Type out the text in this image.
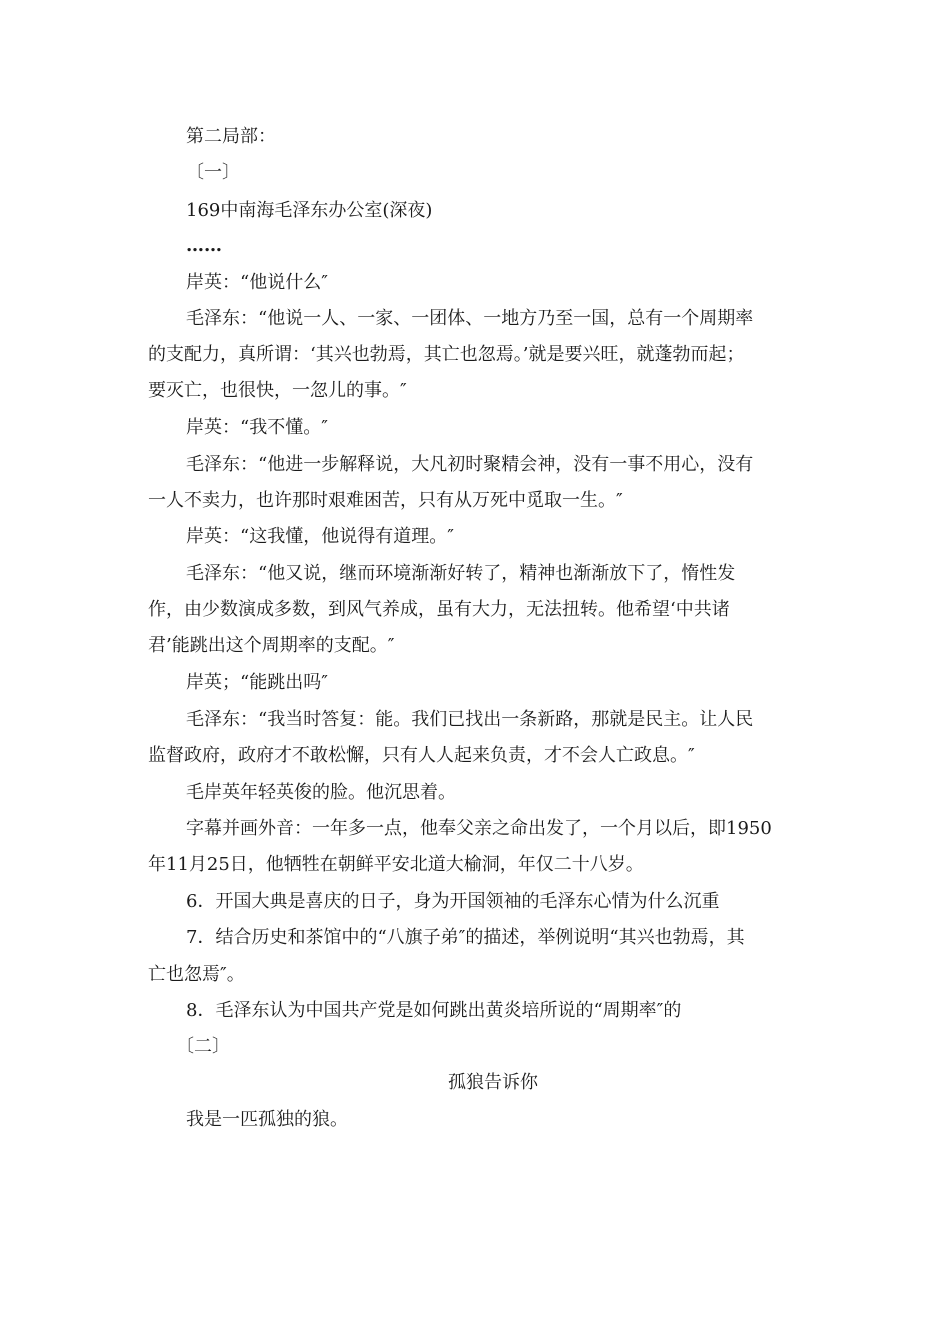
第二局部：
〔一〕
169中南海毛泽东办公室(深夜)
……
岸英：“他说什么″
毛泽东：“他说一人、一家、一团体、一地方乃至一国，总有一个周期率
的支配力，真所谓：‘其兴也勃焉，其亡也忽焉。’就是要兴旺，就蓬勃而起；
要灭亡，也很快，一忽儿的事。″
岸英：“我不懂。″
毛泽东：“他进一步解释说，大凡初时聚精会神，没有一事不用心，没有
一人不卖力，也许那时艰难困苦，只有从万死中觅取一生。″
岸英：“这我懂，他说得有道理。″
毛泽东：“他又说，继而环境渐渐好转了，精神也渐渐放下了，惰性发
作，由少数演成多数，到风气养成，虽有大力，无法扭转。他希望‘中共诸
君’能跳出这个周期率的支配。″
岸英；“能跳出吗″
毛泽东：“我当时答复：能。我们已找出一条新路，那就是民主。让人民
监督政府，政府才不敢松懈，只有人人起来负责，才不会人亡政息。″
毛岸英年轻英俊的脸。他沉思着。
字幕并画外音：一年多一点，他奉父亲之命出发了，一个月以后，即1950
年11月25日，他牺牲在朝鲜平安北道大榆洞，年仅二十八岁。
6．开国大典是喜庆的日子，身为开国领袖的毛泽东心情为什么沉重
7．结合历史和茶馆中的“八旗子弟″的描述，举例说明“其兴也勃焉，其
亡也忽焉″。
8．毛泽东认为中国共产党是如何跳出黄炎培所说的“周期率″的
〔二〕
孤狼告诉你
我是一匹孤独的狼。
